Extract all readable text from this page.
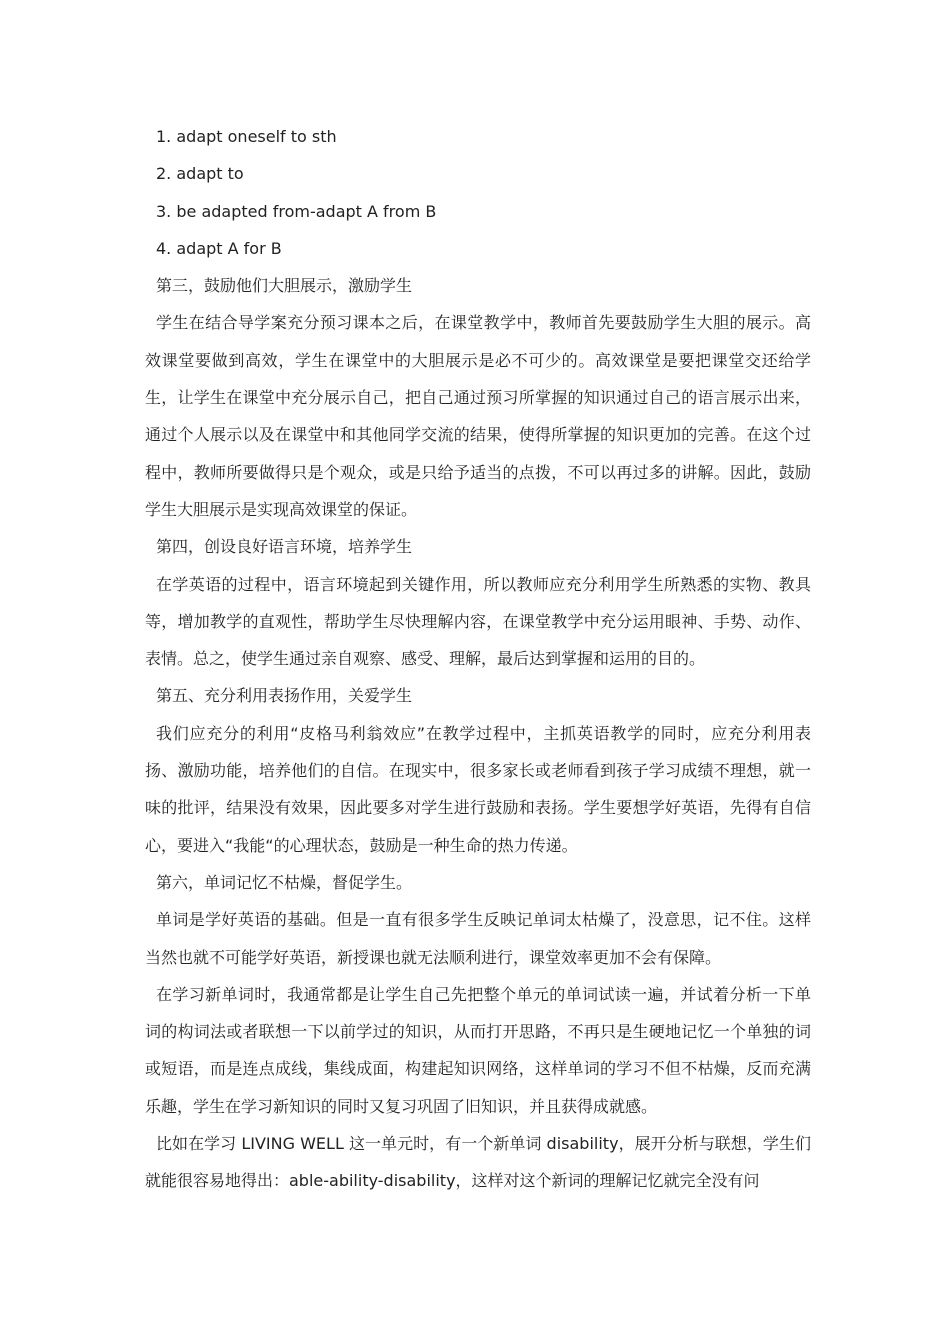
1. adapt oneself to sth

2. adapt to

3. be adapted from-adapt A from B

4. adapt A for B

第三，鼓励他们大胆展示，激励学生

学生在结合导学案充分预习课本之后，在课堂教学中，教师首先要鼓励学生大胆的展示。高效课堂要做到高效，学生在课堂中的大胆展示是必不可少的。高效课堂是要把课堂交还给学生，让学生在课堂中充分展示自己，把自己通过预习所掌握的知识通过自己的语言展示出来，通过个人展示以及在课堂中和其他同学交流的结果，使得所掌握的知识更加的完善。在这个过程中，教师所要做得只是个观众，或是只给予适当的点拨，不可以再过多的讲解。因此，鼓励学生大胆展示是实现高效课堂的保证。

第四，创设良好语言环境，培养学生

在学英语的过程中，语言环境起到关键作用，所以教师应充分利用学生所熟悉的实物、教具等，增加教学的直观性，帮助学生尽快理解内容，在课堂教学中充分运用眼神、手势、动作、表情。总之，使学生通过亲自观察、感受、理解，最后达到掌握和运用的目的。

第五、充分利用表扬作用，关爱学生

我们应充分的利用“皮格马利翁效应”在教学过程中，主抓英语教学的同时，应充分利用表扬、激励功能，培养他们的自信。在现实中，很多家长或老师看到孩子学习成绩不理想，就一味的批评，结果没有效果，因此要多对学生进行鼓励和表扬。学生要想学好英语，先得有自信心，要进入“我能“的心理状态，鼓励是一种生命的热力传递。

第六，单词记忆不枯燥，督促学生。

单词是学好英语的基础。但是一直有很多学生反映记单词太枯燥了，没意思，记不住。这样当然也就不可能学好英语，新授课也就无法顺利进行，课堂效率更加不会有保障。

在学习新单词时，我通常都是让学生自己先把整个单元的单词试读一遍，并试着分析一下单词的构词法或者联想一下以前学过的知识，从而打开思路，不再只是生硬地记忆一个单独的词或短语，而是连点成线，集线成面，构建起知识网络，这样单词的学习不但不枯燥，反而充满乐趣，学生在学习新知识的同时又复习巩固了旧知识，并且获得成就感。

比如在学习 LIVING WELL 这一单元时，有一个新单词 disability，展开分析与联想，学生们就能很容易地得出：able-ability-disability，这样对这个新词的理解记忆就完全没有问
